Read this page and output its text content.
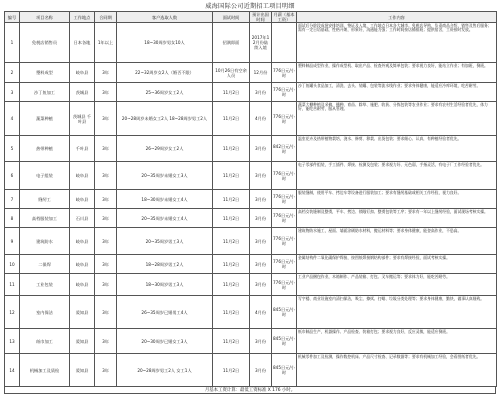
威海国际公司近期招工项目明细
编号	项目名称	工作地点	合同期	客户选取人数	面试时间	预计出国时间	月薪（基本工资）	工作内容
1	免税店销售员	日本各地	1年以上	18~30周岁男女10人	招满即面	2017年12月份陆续入境		面试后分阶段成批安排培训、签证及入境，工作地点日本各大城市。免税店导购，负责商品介绍、销售及售后服务；需有一定日语基础，性格开朗，形象好，沟通能力强；工作时间按店铺排班；提供宿舍，工资按时发放。
2	塑料成型	岐阜县	3年	22~32周岁女2人（婚否不限）	10月26日有空余人员	12月份	776日元/小时	塑料制品成型作业，操作成型机、取出产品、检查外观及简单包装；要求视力良好，能站立作业；有加班，倒班。
3	沙丁鱼加工	茨城县	3年	25~36周岁女工2人	11月2日	3月份	776日元/小时	沙丁鱼罐头食品加工，清洗、去头、装罐、包装等流水线作业；要求身体健康，能适应冷库环境，吃苦耐劳。
4	蔬菜种植	茨城县 千叶县	3年	20~28周岁未婚女工2人 18~28周岁男工2人	11月2日	4月份	776日元/小时	蔬菜大棚种植及采摘，播种、育苗、除草、施肥、收获、分拣包装等农业作业；要求有农村生活经验者优先，体力好，能吃苦耐劳，服从管理。
5	热带种植	千叶县	3年	26~29周岁女工2人	11月2日	3月份	842日元/小时	温室花卉及热带植物栽培，浇水、修剪、移栽、出货包装；要求细心、认真，有种植经验者优先。
6	电子组装	岐阜县	3年	20~35周岁未婚女工3人	11月2日	3月份	776日元/小时	电子零部件组装，手工插件、焊接、检测及包装；要求视力好、无色弱，手指灵活，有电子厂工作经验者优先。
7	缝纫工	岐阜县	3年	18~30周岁未婚女工4人	11月2日	3月份	776日元/小时	服装缝制，使用平车、拷边车等设备进行服装加工；要求有缝纫基础或相关工作经验，视力良好。
8	高档服装加工	石川县	3年	20~35周岁未婚女工4人	11月2日	3月份	776日元/小时	高档女装缝制及整烫，平车、拷边、锁眼钉扣、整烫包装等工序；要求有一年以上缝纫经验，面试现场考核实操。
9	建筑防水	岐阜县	3年	20~35周岁男工3人	11月2日	3月份	776日元/小时	建筑物防水施工，屋面、墙面涂刷防水材料，搬运材料等；要求身体健康，能登高作业，不恐高。
10	二保焊	岐阜县	3年	18~28周岁男工2人	11月2日	3月份	776日元/小时	金属结构件二氧化碳保护焊接，按图纸焊接钢结构部件；要求有焊接经验，面试考核实操。
11	工业包装	岐阜县	3年	18~30周岁男工3人	11月2日	3月份	776日元/小时	工业产品捆包作业，木箱制作、产品装箱、打包、叉车搬运等；要求体力好，能吃苦耐劳。
12	室内保洁	爱知县	3年	26~35周岁已婚男工4人	11月2日	4月份	845日元/小时	写字楼、商业设施室内清扫保洁，吸尘、擦拭、打蜡、垃圾分类处理等；要求身体健康，勤快，做事认真细致。
13	纸巾加工	爱知县	3年	20~30周岁已婚女工3人	11月2日	3月份	845日元/小时	纸巾制品生产，机器操作、产品检查、装箱打包；要求视力良好，反应灵敏，能适应倒班。
14	机械加工及质检	爱知县	3年	20~28周岁男工2人 女工1人	11月2日	3月份	845日元/小时	机械零件加工及检测，操作数控机床、产品尺寸检查、记录数据等；要求有机械加工经验，会看图纸者优先。
月基本工资计算：最低工资标准 X 176 小时。
